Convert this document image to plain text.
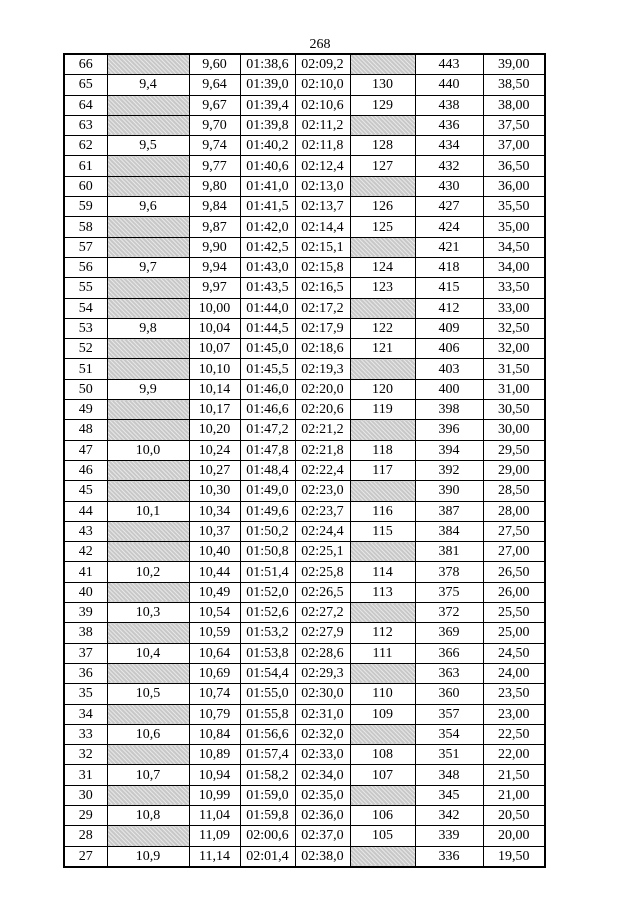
268
66		9,60	01:38,6	02:09,2		443	39,00
65	9,4	9,64	01:39,0	02:10,0	130	440	38,50
64		9,67	01:39,4	02:10,6	129	438	38,00
63		9,70	01:39,8	02:11,2		436	37,50
62	9,5	9,74	01:40,2	02:11,8	128	434	37,00
61		9,77	01:40,6	02:12,4	127	432	36,50
60		9,80	01:41,0	02:13,0		430	36,00
59	9,6	9,84	01:41,5	02:13,7	126	427	35,50
58		9,87	01:42,0	02:14,4	125	424	35,00
57		9,90	01:42,5	02:15,1		421	34,50
56	9,7	9,94	01:43,0	02:15,8	124	418	34,00
55		9,97	01:43,5	02:16,5	123	415	33,50
54		10,00	01:44,0	02:17,2		412	33,00
53	9,8	10,04	01:44,5	02:17,9	122	409	32,50
52		10,07	01:45,0	02:18,6	121	406	32,00
51		10,10	01:45,5	02:19,3		403	31,50
50	9,9	10,14	01:46,0	02:20,0	120	400	31,00
49		10,17	01:46,6	02:20,6	119	398	30,50
48		10,20	01:47,2	02:21,2		396	30,00
47	10,0	10,24	01:47,8	02:21,8	118	394	29,50
46		10,27	01:48,4	02:22,4	117	392	29,00
45		10,30	01:49,0	02:23,0		390	28,50
44	10,1	10,34	01:49,6	02:23,7	116	387	28,00
43		10,37	01:50,2	02:24,4	115	384	27,50
42		10,40	01:50,8	02:25,1		381	27,00
41	10,2	10,44	01:51,4	02:25,8	114	378	26,50
40		10,49	01:52,0	02:26,5	113	375	26,00
39	10,3	10,54	01:52,6	02:27,2		372	25,50
38		10,59	01:53,2	02:27,9	112	369	25,00
37	10,4	10,64	01:53,8	02:28,6	111	366	24,50
36		10,69	01:54,4	02:29,3		363	24,00
35	10,5	10,74	01:55,0	02:30,0	110	360	23,50
34		10,79	01:55,8	02:31,0	109	357	23,00
33	10,6	10,84	01:56,6	02:32,0		354	22,50
32		10,89	01:57,4	02:33,0	108	351	22,00
31	10,7	10,94	01:58,2	02:34,0	107	348	21,50
30		10,99	01:59,0	02:35,0		345	21,00
29	10,8	11,04	01:59,8	02:36,0	106	342	20,50
28		11,09	02:00,6	02:37,0	105	339	20,00
27	10,9	11,14	02:01,4	02:38,0		336	19,50
